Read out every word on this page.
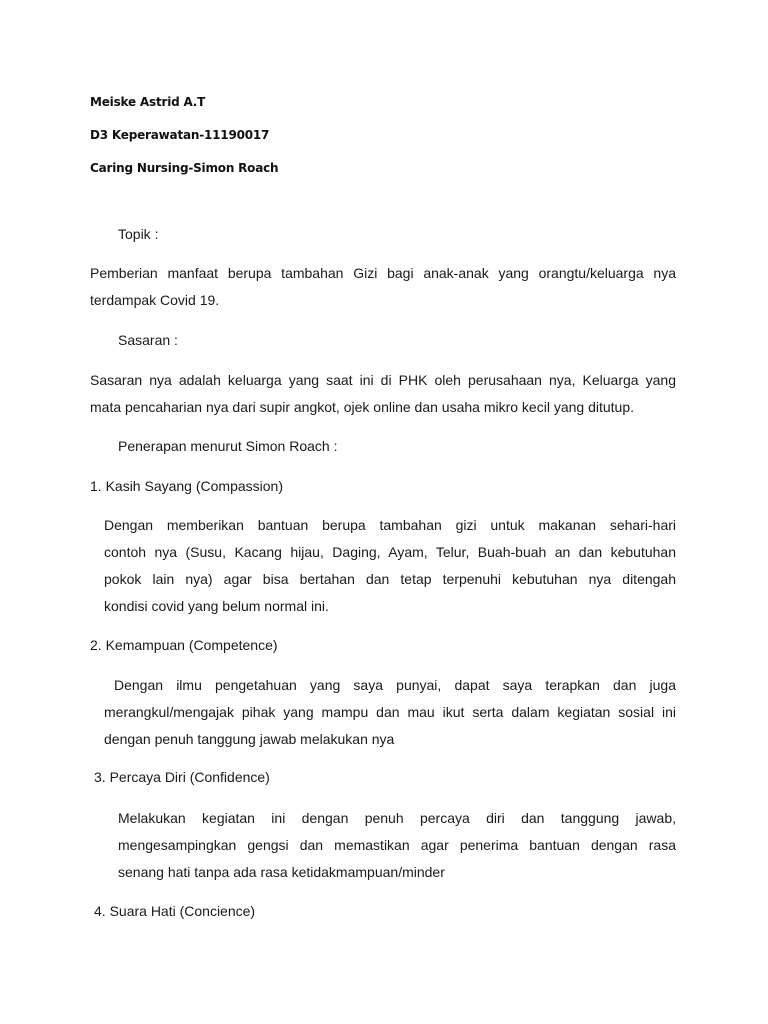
Meiske Astrid A.T
D3 Keperawatan-11190017
Caring Nursing-Simon Roach
Topik :
Pemberian manfaat berupa tambahan Gizi bagi anak-anak yang orangtu/keluarga nya
terdampak Covid 19.
Sasaran :
Sasaran nya adalah keluarga yang saat ini di PHK oleh perusahaan nya, Keluarga yang
mata pencaharian nya dari supir angkot, ojek online dan usaha mikro kecil yang ditutup.
Penerapan menurut Simon Roach :
1. Kasih Sayang (Compassion)
Dengan memberikan bantuan berupa tambahan gizi untuk makanan sehari-hari
contoh nya (Susu, Kacang hijau, Daging, Ayam, Telur, Buah-buah an dan kebutuhan
pokok lain nya) agar bisa bertahan dan tetap terpenuhi kebutuhan nya ditengah
kondisi covid yang belum normal ini.
2. Kemampuan (Competence)
Dengan ilmu pengetahuan yang saya punyai, dapat saya terapkan dan juga
merangkul/mengajak pihak yang mampu dan mau ikut serta dalam kegiatan sosial ini
dengan penuh tanggung jawab melakukan nya
3. Percaya Diri (Confidence)
Melakukan kegiatan ini dengan penuh percaya diri dan tanggung jawab,
mengesampingkan gengsi dan memastikan agar penerima bantuan dengan rasa
senang hati tanpa ada rasa ketidakmampuan/minder
4. Suara Hati (Concience)
